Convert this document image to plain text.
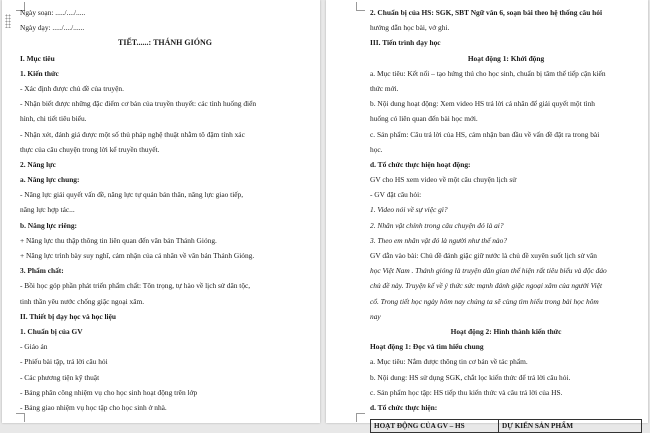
Ngày soạn: ...../..../.....
Ngày dạy: ...../..../......
TIẾT......: THÁNH GIÓNG
I. Mục tiêu
1. Kiến thức
- Xác định được chủ đề của truyện.
- Nhận biết được những đặc điểm cơ bản của truyền thuyết: các tình huống điển
hình, chi tiết tiêu biểu.
- Nhận xét, đánh giá được một số thủ pháp nghệ thuật nhằm tô đậm tính xác
thực của câu chuyện trong lời kể truyền thuyết.
2. Năng lực
a. Năng lực chung:
- Năng lực giải quyết vấn đề, năng lực tự quản bản thân, năng lực giao tiếp,
năng lực hợp tác...
b. Năng lực riêng:
+ Năng lực thu thập thông tin liên quan đến văn bản Thánh Gióng.
+ Năng lực trình bày suy nghĩ, cảm nhận của cá nhân về văn bản Thánh Gióng.
3. Phẩm chất:
- Bồi học góp phần phát triển phẩm chất: Tôn trọng, tự hào về lịch sử dân tộc,
tinh thần yêu nước chống giặc ngoại xâm.
II. Thiết bị dạy học và học liệu
1. Chuẩn bị của GV
- Giáo án
- Phiếu bài tập, trả lời câu hỏi
- Các phương tiện kỹ thuật
- Bảng phân công nhiệm vụ cho học sinh hoạt động trên lớp
- Bảng giao nhiệm vụ học tập cho học sinh ở nhà.
2. Chuẩn bị của HS: SGK, SBT Ngữ văn 6, soạn bài theo hệ thống câu hỏi
hướng dẫn học bài, vở ghi.
III. Tiến trình dạy học
Hoạt động 1: Khởi động
a. Mục tiêu: Kết nối – tạo hứng thú cho học sinh, chuẩn bị tâm thế tiếp cận kiến
thức mới.
b. Nội dung hoạt động: Xem video HS trả lời cá nhân để giải quyết một tình
huống có liên quan đến bài học mới.
c. Sản phẩm: Câu trả lời của HS, cảm nhận ban đầu về vấn đề đặt ra trong bài
học.
d. Tổ chức thực hiện hoạt động:
GV cho HS xem video về một câu chuyện lịch sử
- GV đặt câu hỏi:
1. Video nói về sự việc gì?
2. Nhân vật chính trong câu chuyện đó là ai?
3. Theo em nhân vật đó là người như thế nào?
GV dẫn vào bài: Chủ đề đánh giặc giữ nước là chủ đề xuyên suốt lịch sử văn
học Việt Nam . Thánh gióng là truyện dân gian thể hiện rất tiêu biểu và độc đáo
chủ đề này. Truyện kể về ý thức sức mạnh đánh giặc ngoại xâm của người Việt
cổ. Trong tiết học ngày hôm nay chúng ta sẽ cùng tìm hiểu trong bài học hôm
nay
Hoạt động 2: Hình thành kiến thức
Hoạt động 1: Đọc và tìm hiểu chung
a. Mục tiêu: Nắm được thông tin cơ bản về tác phẩm.
b. Nội dung: HS sử dụng SGK, chắt lọc kiến thức để trả lời câu hỏi.
c. Sản phẩm học tập: HS tiếp thu kiến thức và câu trả lời của HS.
d. Tổ chức thực hiện:
HOẠT ĐỘNG CỦA GV – HS	DỰ KIẾN SẢN PHẨM
